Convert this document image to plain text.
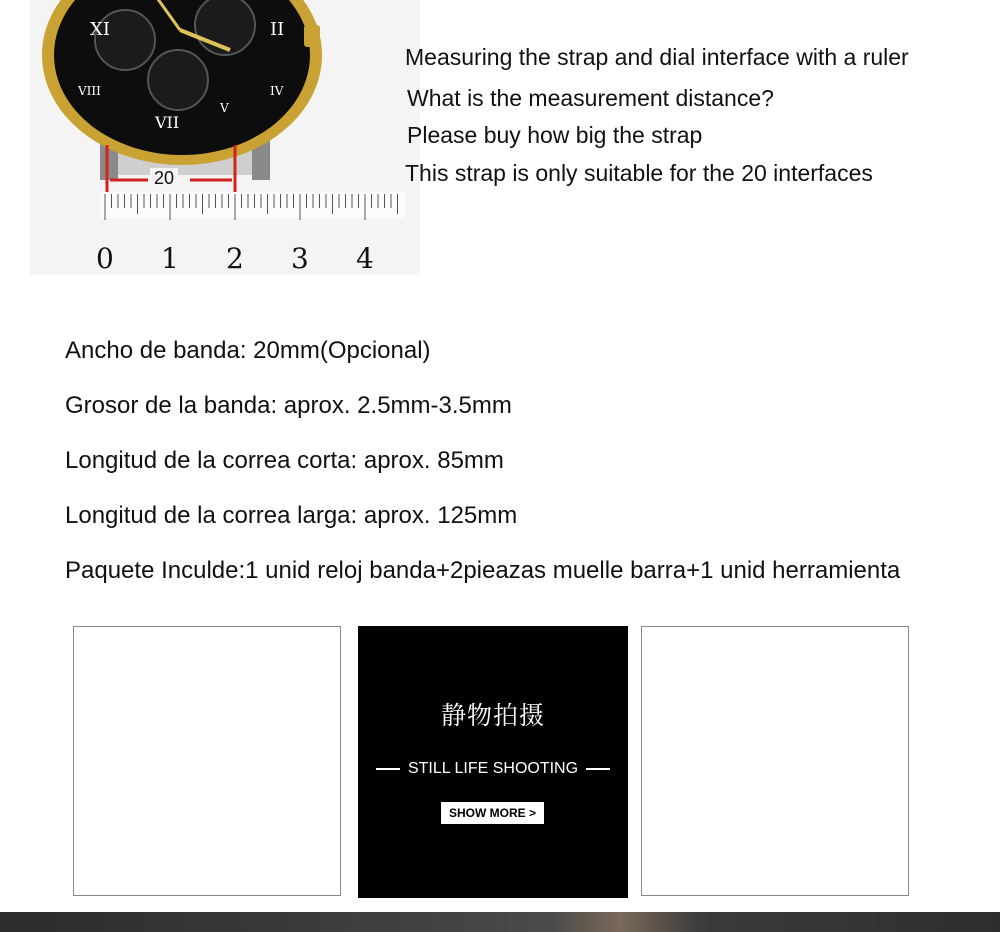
XI	II
VIII	IV
VII
V
20
0 1 2 3 4
Measuring the strap and dial interface with a ruler
What is the measurement distance?
Please buy how big the strap
This strap is only suitable for the 20 interfaces
Ancho de banda: 20mm(Opcional)
Grosor de la banda: aprox. 2.5mm-3.5mm
Longitud de la correa corta: aprox. 85mm
Longitud de la correa larga: aprox. 125mm
Paquete Inculde:1 unid reloj banda+2pieazas muelle barra+1 unid herramienta
静物拍摄
STILL LIFE SHOOTING
SHOW MORE >
